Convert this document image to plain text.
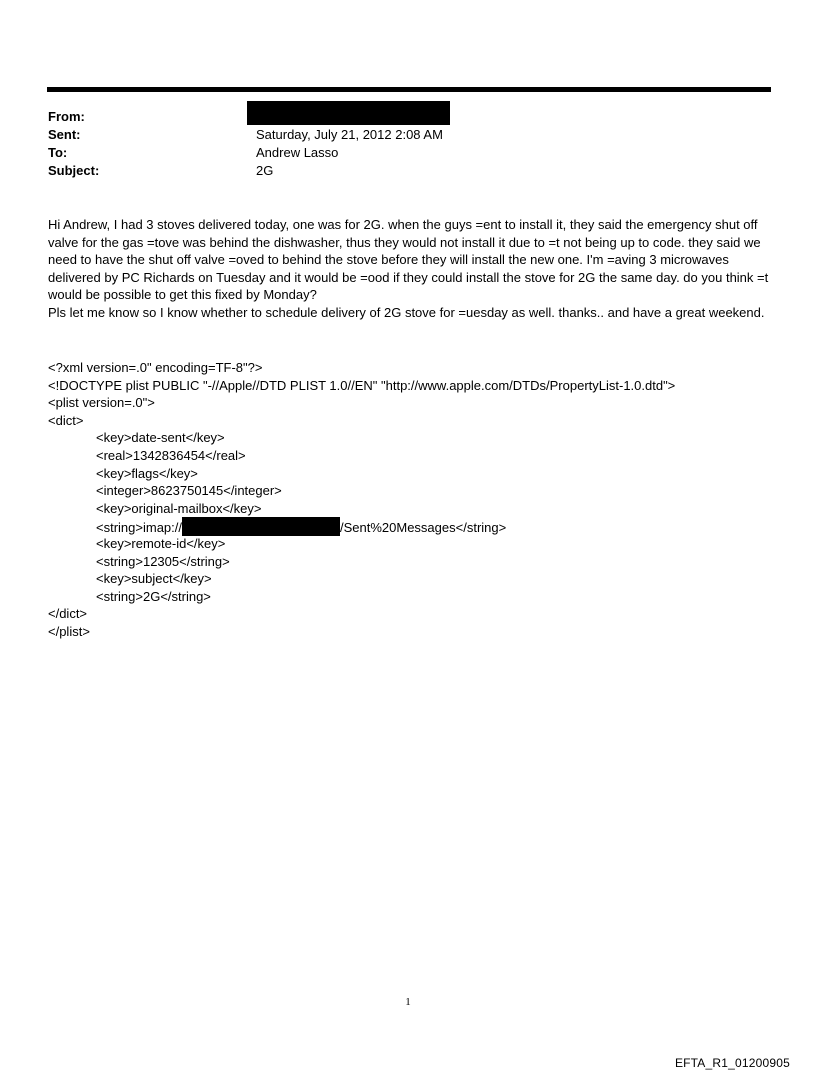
From:
Sent:	Saturday, July 21, 2012 2:08 AM
To:	Andrew Lasso
Subject:	2G

Hi Andrew, I had 3 stoves delivered today, one was for 2G. when the guys =ent to install it, they said the emergency shut off valve for the gas =tove was behind the dishwasher, thus they would not install it due to =t not being up to code. they said we need to have the shut off valve =oved to behind the stove before they will install the new one. I'm =aving 3 microwaves delivered by PC Richards on Tuesday and it would be =ood if they could install the stove for 2G the same day. do you think =t would be possible to get this fixed by Monday?

Pls let me know so I know whether to schedule delivery of 2G stove for =uesday as well. thanks.. and have a great weekend.

<?xml version=.0" encoding=TF-8"?>
<!DOCTYPE plist PUBLIC "-//Apple//DTD PLIST 1.0//EN" "http://www.apple.com/DTDs/PropertyList-1.0.dtd">
<plist version=.0">
<dict>
<key>date-sent</key>
<real>1342836454</real>
<key>flags</key>
<integer>8623750145</integer>
<key>original-mailbox</key>
<string>imap://	/Sent%20Messages</string>
<key>remote-id</key>
<string>12305</string>
<key>subject</key>
<string>2G</string>
</dict>
</plist>
1
EFTA_R1_01200905
